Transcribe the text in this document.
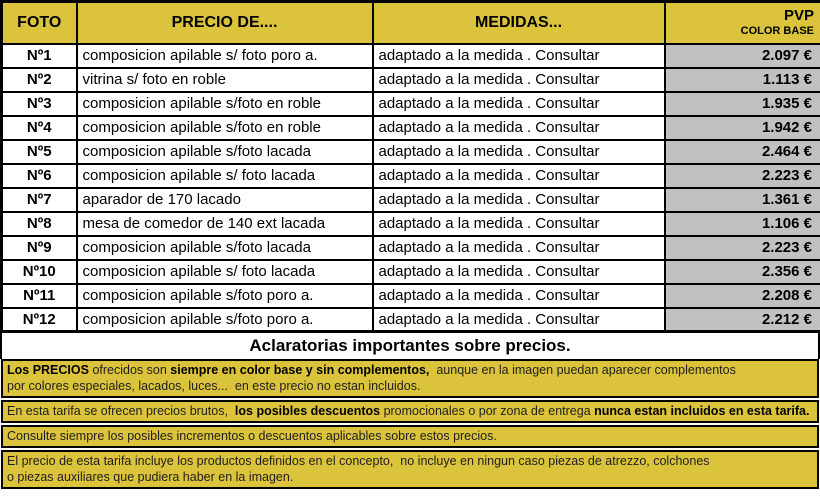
FOTO	PRECIO DE....	MEDIDAS...	PVP
COLOR BASE

Nº1	composicion apilable s/ foto poro a.	adaptado a la medida . Consultar	2.097 €
Nº2	vitrina s/ foto en roble	adaptado a la medida . Consultar	1.113 €
Nº3	composicion apilable s/foto en roble	adaptado a la medida . Consultar	1.935 €
Nº4	composicion apilable s/foto en roble	adaptado a la medida . Consultar	1.942 €
Nº5	composicion apilable s/foto lacada	adaptado a la medida . Consultar	2.464 €
Nº6	composicion apilable s/ foto lacada	adaptado a la medida . Consultar	2.223 €
Nº7	aparador de 170 lacado	adaptado a la medida . Consultar	1.361 €
Nº8	mesa de comedor de 140 ext lacada	adaptado a la medida . Consultar	1.106 €
Nº9	composicion apilable s/foto lacada	adaptado a la medida . Consultar	2.223 €
Nº10	composicion apilable s/ foto lacada	adaptado a la medida . Consultar	2.356 €
Nº11	composicion apilable s/foto poro a.	adaptado a la medida . Consultar	2.208 €
Nº12	composicion apilable s/foto poro a.	adaptado a la medida . Consultar	2.212 €
Aclaratorias importantes sobre precios.
Los PRECIOS ofrecidos son siempre en color base y sin complementos,  aunque en la imagen puedan aparecer complementos
por colores especiales, lacados, luces...  en este precio no estan incluidos.
En esta tarifa se ofrecen precios brutos,  los posibles descuentos promocionales o por zona de entrega nunca estan incluidos en esta tarifa.
Consulte siempre los posibles incrementos o descuentos aplicables sobre estos precios.
El precio de esta tarifa incluye los productos definidos en el concepto,  no incluye en ningun caso piezas de atrezzo, colchones
o piezas auxiliares que pudiera haber en la imagen.
